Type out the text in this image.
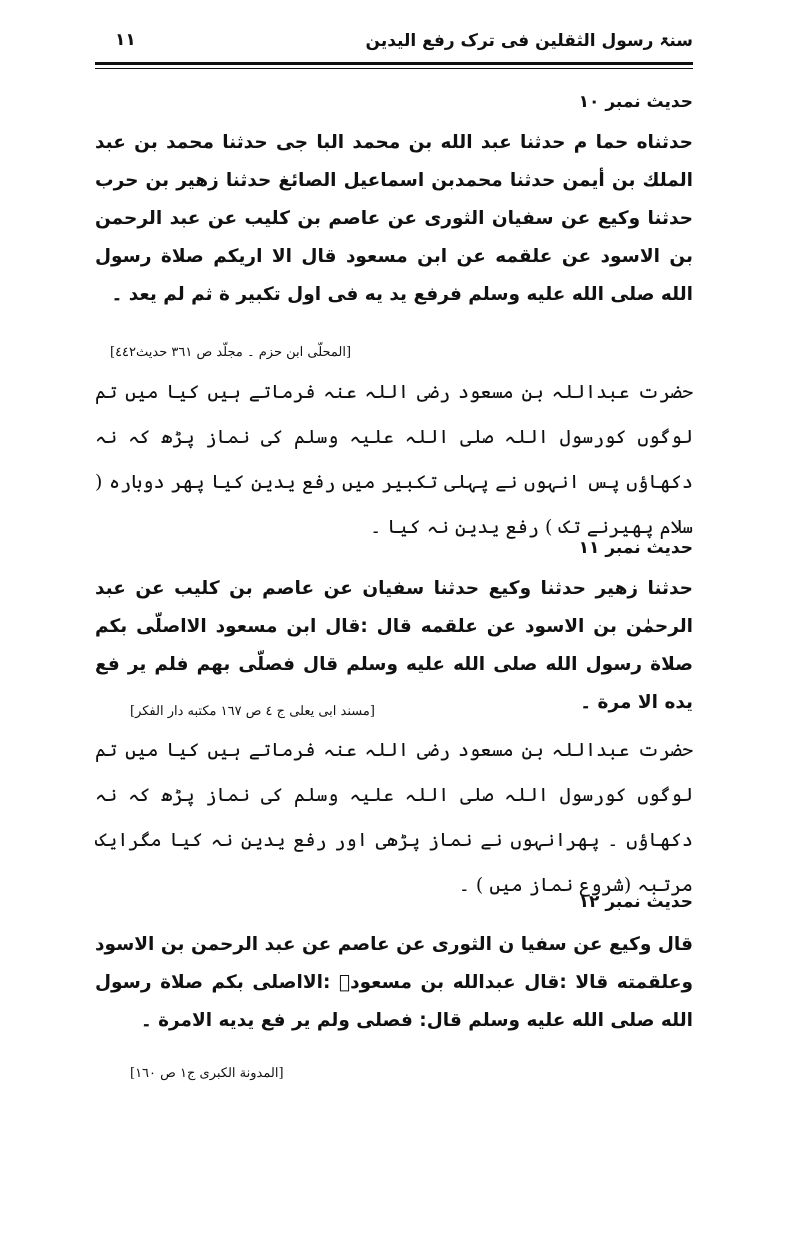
سنۃ رسول الثقلین فی ترک رفع الیدین
۱۱
حدیث نمبر ۱۰
حدثناه حما م حدثنا عبد الله بن محمد البا جی حدثنا محمد بن عبد الملك بن أيمن حدثنا محمدبن اسماعيل الصائغ حدثنا زهير بن حرب حدثنا وكيع عن سفيان الثورى عن عاصم بن كليب عن عبد الرحمن بن الاسود عن علقمه عن ابن مسعود قال الا اريكم صلاة رسول الله صلى الله عليه وسلم فرفع يد يه فى اول تكبير ة ثم لم يعد ۔
[المحلّی ابن حزم ۔ مجلّد ص ۳٦۱ حدیث٤٤٢]
حضرت عبداللہ بن مسعود رضی اللہ عنہ فرماتے ہیں کیا میں تم لوگوں کورسول اللہ صلی اللہ علیہ وسلم کی نماز پڑھ کہ نہ دکھاؤں پس انہوں نے پہلی تکبیر میں رفع یدین کیا پھر دوبارہ ( سلام پھیرنے تک ) رفع یدین نہ کیا ۔
حدیث نمبر ۱۱
حدثنا زهير حدثنا وكيع حدثنا سفيان عن عاصم بن كليب عن عبد الرحمٰن بن الاسود عن علقمه قال :قال ابن مسعود الااصلّى بكم صلاة رسول الله صلى الله عليه وسلم قال فصلّى بهم فلم ير فع يده الا مرة ۔
[مسند ابی یعلی ج ٤ ص ١٦٧ مکتبه دار الفکر]
حضرت عبداللہ بن مسعود رضی اللہ عنہ فرماتے ہیں کیا میں تم لوگوں کورسول اللہ صلی اللہ علیہ وسلم کی نماز پڑھ کہ نہ دکھاؤں ۔ پھرانہوں نے نماز پڑھی اور رفع یدین نہ کیا مگرایک مرتبہ (شروع نماز میں ) ۔
حدیث نمبر ۱۲
قال وكيع عن سفيا ن الثورى عن عاصم عن عبد الرحمن بن الاسود وعلقمته قالا :قال عبدالله بن مسعودؓ :الااصلى بكم صلاة رسول الله صلى الله عليه وسلم قال: فصلى ولم ير فع يديه الامرة ۔
[المدونة الكبرى ج١ ص ١٦٠]
